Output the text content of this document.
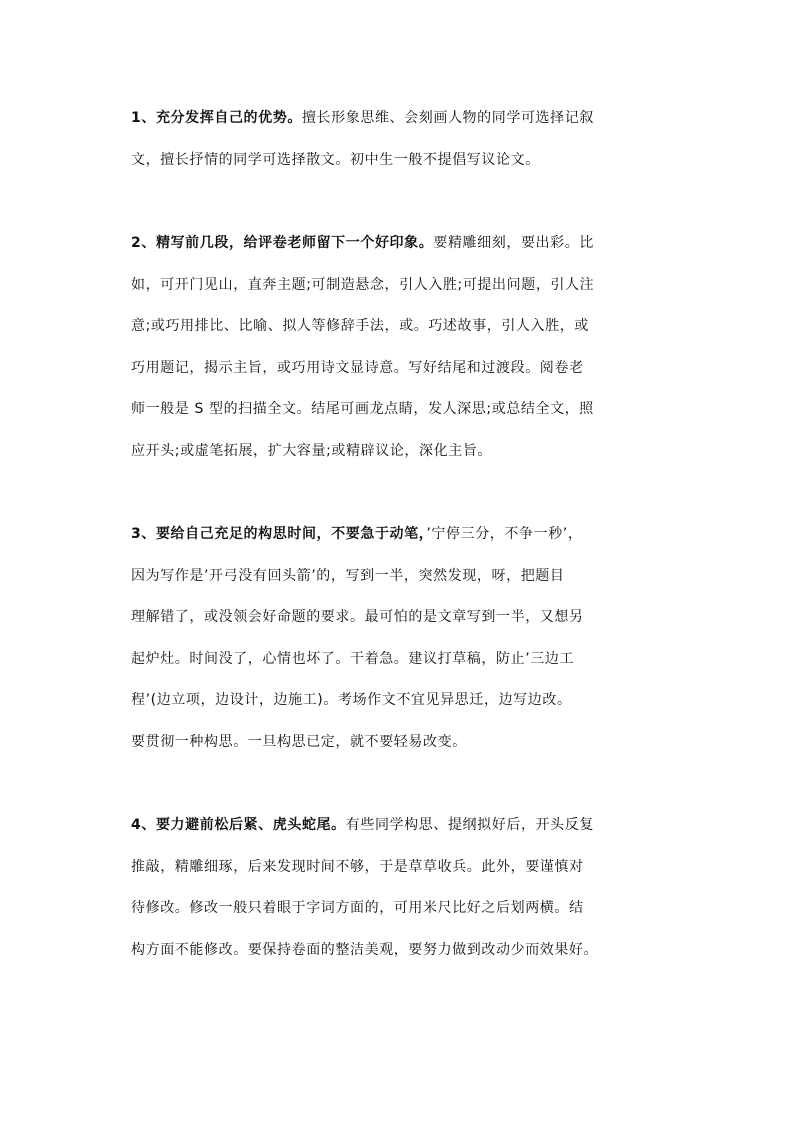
1、充分发挥自己的优势。擅长形象思维、会刻画人物的同学可选择记叙
文，擅长抒情的同学可选择散文。初中生一般不提倡写议论文。
2、精写前几段，给评卷老师留下一个好印象。要精雕细刻，要出彩。比
如，可开门见山，直奔主题;可制造悬念，引人入胜;可提出问题，引人注
意;或巧用排比、比喻、拟人等修辞手法，或。巧述故事，引人入胜，或
巧用题记，揭示主旨，或巧用诗文显诗意。写好结尾和过渡段。阅卷老
师一般是 S 型的扫描全文。结尾可画龙点睛，发人深思;或总结全文，照
应开头;或虚笔拓展，扩大容量;或精辟议论，深化主旨。
3、要给自己充足的构思时间，不要急于动笔，’宁停三分，不争一秒’，
因为写作是’开弓没有回头箭’的，写到一半，突然发现，呀，把题目
理解错了，或没领会好命题的要求。最可怕的是文章写到一半，又想另
起炉灶。时间没了，心情也坏了。干着急。建议打草稿，防止’三边工
程’(边立项，边设计，边施工)。考场作文不宜见异思迁，边写边改。
要贯彻一种构思。一旦构思已定，就不要轻易改变。
4、要力避前松后紧、虎头蛇尾。有些同学构思、提纲拟好后，开头反复
推敲，精雕细琢，后来发现时间不够，于是草草收兵。此外，要谨慎对
待修改。修改一般只着眼于字词方面的，可用米尺比好之后划两横。结
构方面不能修改。要保持卷面的整洁美观，要努力做到改动少而效果好。
